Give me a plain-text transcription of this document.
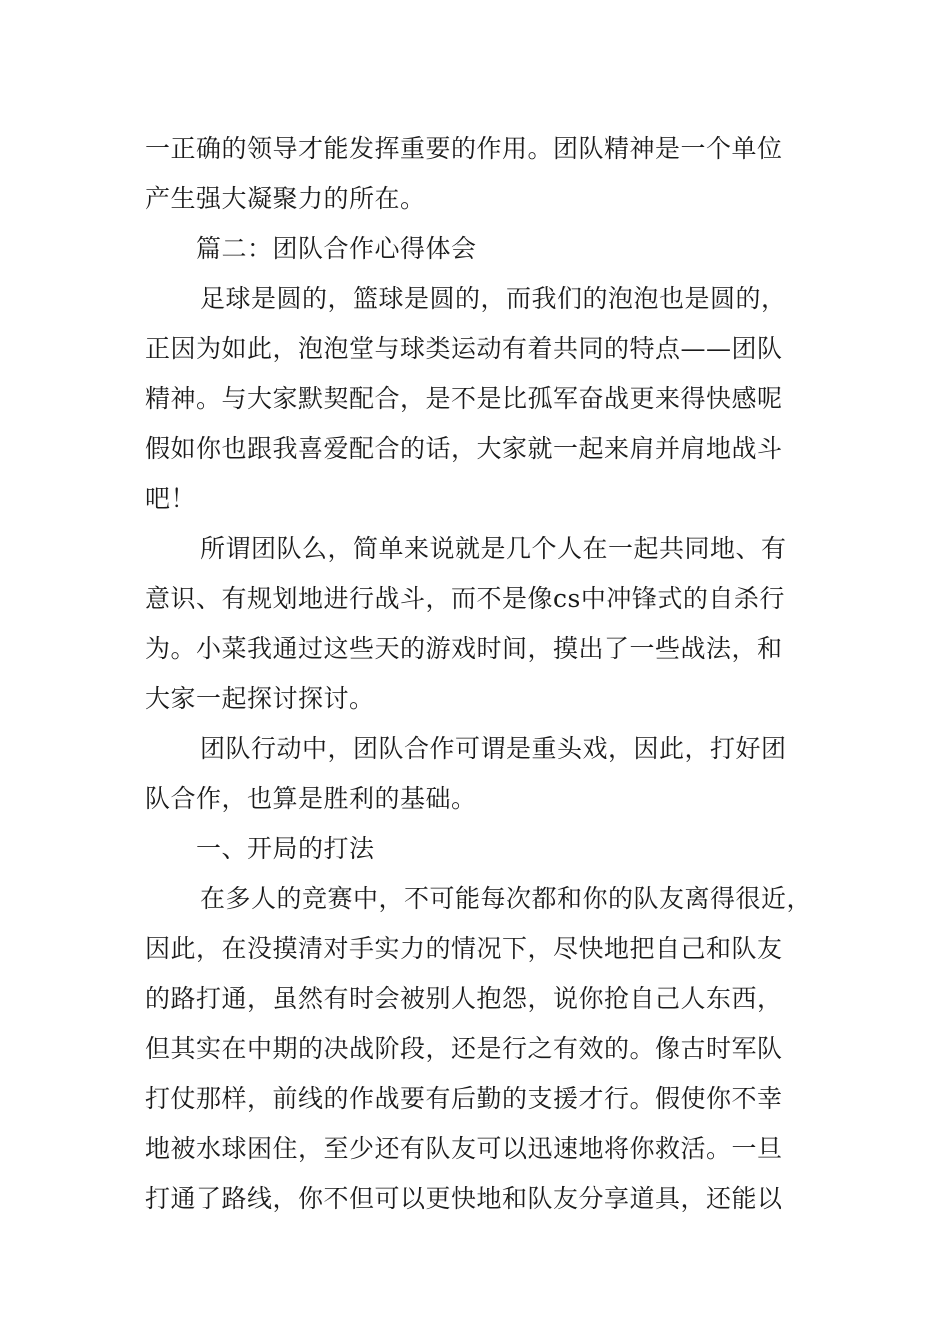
一正确的领导才能发挥重要的作用。团队精神是一个单位
产生强大凝聚力的所在。
篇二：团队合作心得体会
足球是圆的，篮球是圆的，而我们的泡泡也是圆的，
正因为如此，泡泡堂与球类运动有着共同的特点——团队
精神。与大家默契配合，是不是比孤军奋战更来得快感呢
假如你也跟我喜爱配合的话，大家就一起来肩并肩地战斗
吧！
所谓团队么，简单来说就是几个人在一起共同地、有
意识、有规划地进行战斗，而不是像cs中冲锋式的自杀行
为。小菜我通过这些天的游戏时间，摸出了一些战法，和
大家一起探讨探讨。
团队行动中，团队合作可谓是重头戏，因此，打好团
队合作，也算是胜利的基础。
一、开局的打法
在多人的竞赛中，不可能每次都和你的队友离得很近，
因此，在没摸清对手实力的情况下，尽快地把自己和队友
的路打通，虽然有时会被别人抱怨，说你抢自己人东西，
但其实在中期的决战阶段，还是行之有效的。像古时军队
打仗那样，前线的作战要有后勤的支援才行。假使你不幸
地被水球困住，至少还有队友可以迅速地将你救活。一旦
打通了路线，你不但可以更快地和队友分享道具，还能以
